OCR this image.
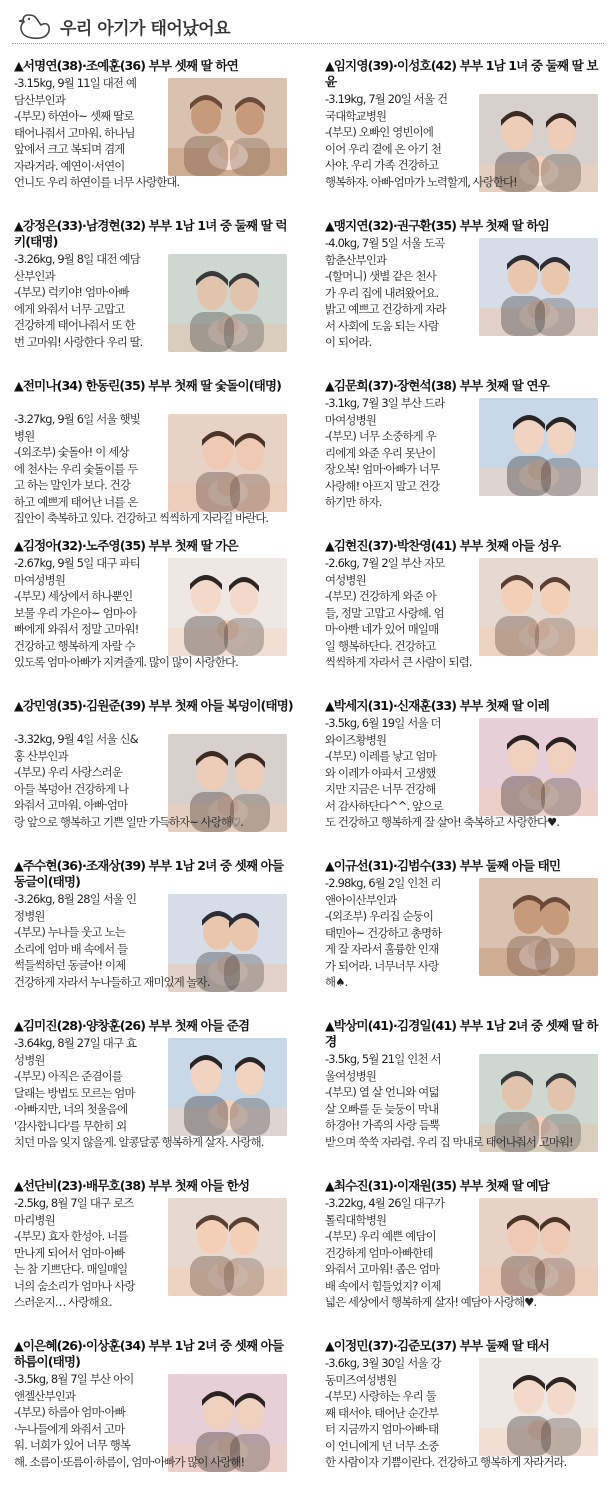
우리 아기가 태어났어요
▲서명연(38)·조예훈(36) 부부 셋째 딸 하연
-3.15kg, 9월 11일 대전 예
담산부인과
-(부모) 하연아~ 셋째 딸로
태어나줘서 고마워. 하나님
앞에서 크고 복되며 겸게
자라거라. 예연이·서연이
언니도 우리 하연이를 너무 사랑한대.
▲강정은(33)·남경현(32) 부부 1남 1녀 중 둘째 딸 럭키(태명)
-3.26kg, 9월 8일 대전 예담
산부인과
-(부모) 럭키야! 엄마·아빠
에게 와줘서 너무 고맙고
건강하게 태어나줘서 또 한
번 고마워! 사랑한다 우리 딸.
▲전미나(34) 한동린(35) 부부 첫째 딸 숯돌이(태명)
-3.27kg, 9월 6일 서울 햇빛
병원
-(외조부) 숯돌아! 이 세상
에 천사는 우리 숯돌이를 두
고 하는 말인가 보다. 건강
하고 예쁘게 태어난 너를 온
집안이 축복하고 있다. 건강하고 씩씩하게 자라길 바란다.
▲김정아(32)·노주영(35) 부부 첫째 딸 가은
-2.67kg, 9월 5일 대구 파티
마여성병원
-(부모) 세상에서 하나뿐인
보물 우리 가은아~ 엄마·아
빠에게 와줘서 정말 고마워!
건강하고 행복하게 자랄 수
있도록 엄마·아빠가 지켜줄게. 많이 많이 사랑한다.
▲강민영(35)·김원준(39) 부부 첫째 아들 복덩이(태명)
-3.32kg, 9월 4일 서울 신&
홍 산부인과
-(부모) 우리 사랑스러운
아들 복덩아! 건강하게 나
와줘서 고마워. 아빠·엄마
랑 앞으로 행복하고 기쁜 일만 가득하자~ 사랑해♡.
▲주수현(36)·조재상(39) 부부 1남 2녀 중 셋째 아들 동글이(태명)
-3.26kg, 8월 28일 서울 인
정병원
-(부모) 누나들 웃고 노는
소리에 엄마 배 속에서 들
썩들썩하던 동글아! 이제
건강하게 자라서 누나들하고 재미있게 놀자.
▲김미진(28)·양창훈(26) 부부 첫째 아들 준겸
-3.64kg, 8월 27일 대구 효
성병원
-(부모) 아직은 준겸이를
달래는 방법도 모르는 엄마
·아빠지만, 너의 첫울음에
'감사합니다'를 무한히 외
치던 마음 잊지 않을게. 알콩달콩 행복하게 살자. 사랑해.
▲선단비(23)·배무호(38) 부부 첫째 아들 한성
-2.5kg, 8월 7일 대구 로즈
마리병원
-(부모) 효자 한성아. 너를
만나게 되어서 엄마·아빠
는 참 기쁘단다. 매일매일
너의 숨소리가 엄마나 사랑
스러운지… 사랑해요.
▲이은혜(26)·이상훈(34) 부부 1남 2녀 중 셋째 아들 하름이(태명)
-3.5kg, 8월 7일 부산 아이
앤젤산부인과
-(부모) 하름아 엄마·아빠
·누나들에게 와줘서 고마
워. 너희가 있어 너무 행복
해. 소름이·또름이·하름이, 엄마·아빠가 많이 사랑해!
▲임지영(39)·이성호(42) 부부 1남 1녀 중 둘째 딸 보윤
-3.19kg, 7월 20일 서울 건
국대학교병원
-(부모) 오빠인 영빈이에
이어 우리 곁에 온 아기 천
사야. 우리 가족 건강하고
행복하자. 아빠·엄마가 노력할게, 사랑한다!
▲맹지연(32)·권구환(35) 부부 첫째 딸 하임
-4.0kg, 7월 5일 서울 도곡
함춘산부인과
-(할머니) 샛별 같은 천사
가 우리 집에 내려왔어요.
밝고 예쁘고 건강하게 자라
서 사회에 도움 되는 사람
이 되어라.
▲김문희(37)·장현석(38) 부부 첫째 딸 연우
-3.1kg, 7월 3일 부산 드라
마여성병원
-(부모) 너무 소중하게 우
리에게 와준 우리 못난이
장오복! 엄마·아빠가 너무
사랑해! 아프지 말고 건강
하기만 하자.
▲김현진(37)·박찬영(41) 부부 첫째 아들 성우
-2.6kg, 7월 2일 부산 자모
여성병원
-(부모) 건강하게 와준 아
들, 정말 고맙고 사랑해. 엄
마·아빤 네가 있어 매일매
일 행복하단다. 건강하고
씩씩하게 자라서 큰 사람이 되렴.
▲박세지(31)·신재훈(33) 부부 첫째 딸 이레
-3.5kg, 6월 19일 서울 더
와이즈황병원
-(부모) 이레를 낳고 엄마
와 이레가 아파서 고생했
지만 지금은 너무 건강해
서 감사하단다^^. 앞으로
도 건강하고 행복하게 잘 살아! 축복하고 사랑한다♥.
▲이규선(31)·김범수(33) 부부 둘째 아들 태민
-2.98kg, 6월 2일 인천 리
앤아이산부인과
-(외조부) 우리집 순둥이
태민아~ 건강하고 총명하
게 잘 자라서 훌륭한 인재
가 되어라. 너무너무 사랑
해♠.
▲박상미(41)·김경일(41) 부부 1남 2녀 중 셋째 딸 하경
-3.5kg, 5월 21일 인천 서
울여성병원
-(부모) 열 살 언니와 여덟
살 오빠를 둔 늦둥이 막내
하경아! 가족의 사랑 듬뿍
받으며 쑥쑥 자라렴. 우리 집 막내로 태어나줘서 고마워!
▲최수진(31)·이재원(35) 부부 첫째 딸 예담
-3.22kg, 4월 26일 대구가
톨릭대학병원
-(부모) 우리 예쁜 예담이
건강하게 엄마·아빠한테
와줘서 고마워! 좁은 엄마
배 속에서 힘들었지? 이제
넓은 세상에서 행복하게 살자! 예담아 사랑해♥.
▲이정민(37)·김준모(37) 부부 둘째 딸 태서
-3.6kg, 3월 30일 서울 강
동미즈여성병원
-(부모) 사랑하는 우리 둘
째 태서야. 태어난 순간부
터 지금까지 엄마·아빠·태
이 언니에게 넌 너무 소중
한 사람이자 기쁨이란다. 건강하고 행복하게 자라거라.
